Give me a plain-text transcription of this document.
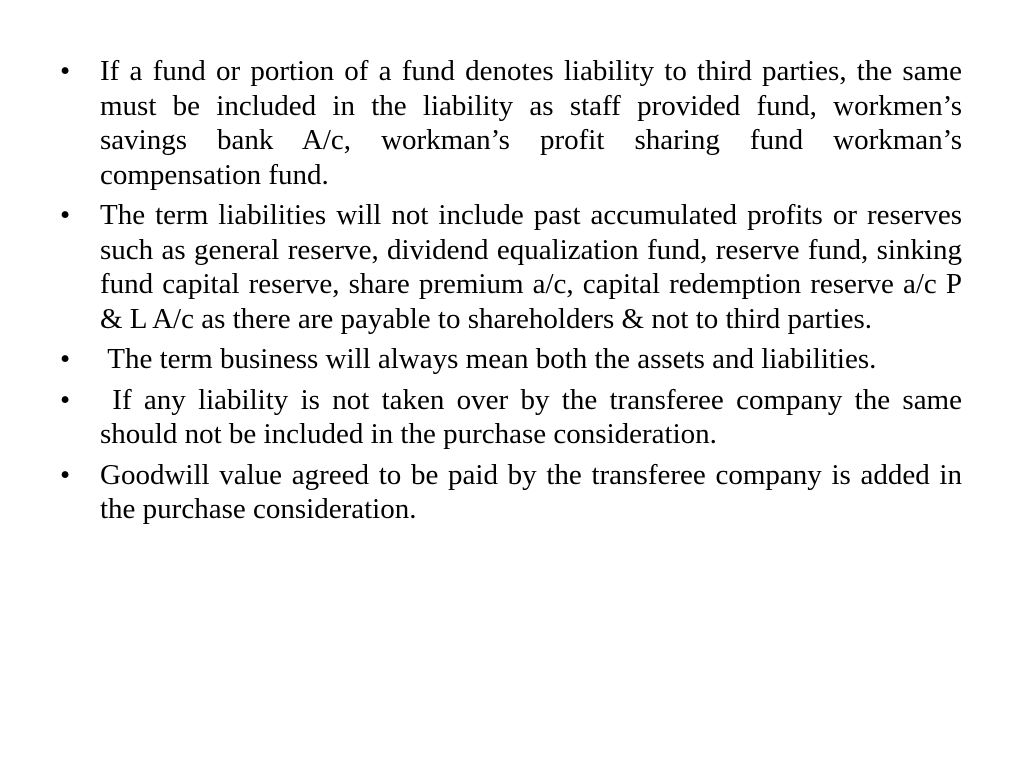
• If a fund or portion of a fund denotes liability to third parties, the same must be included in the liability as staff provided fund, workmen’s savings bank A/c, workman’s profit sharing fund workman’s compensation fund.
• The term liabilities will not include past accumulated profits or reserves such as general reserve, dividend equalization fund, reserve fund, sinking fund capital reserve, share premium a/c, capital redemption reserve a/c P & L A/c as there are payable to shareholders & not to third parties.
• The term business will always mean both the assets and liabilities.
• If any liability is not taken over by the transferee company the same should not be included in the purchase consideration.
• Goodwill value agreed to be paid by the transferee company is added in the purchase consideration.
